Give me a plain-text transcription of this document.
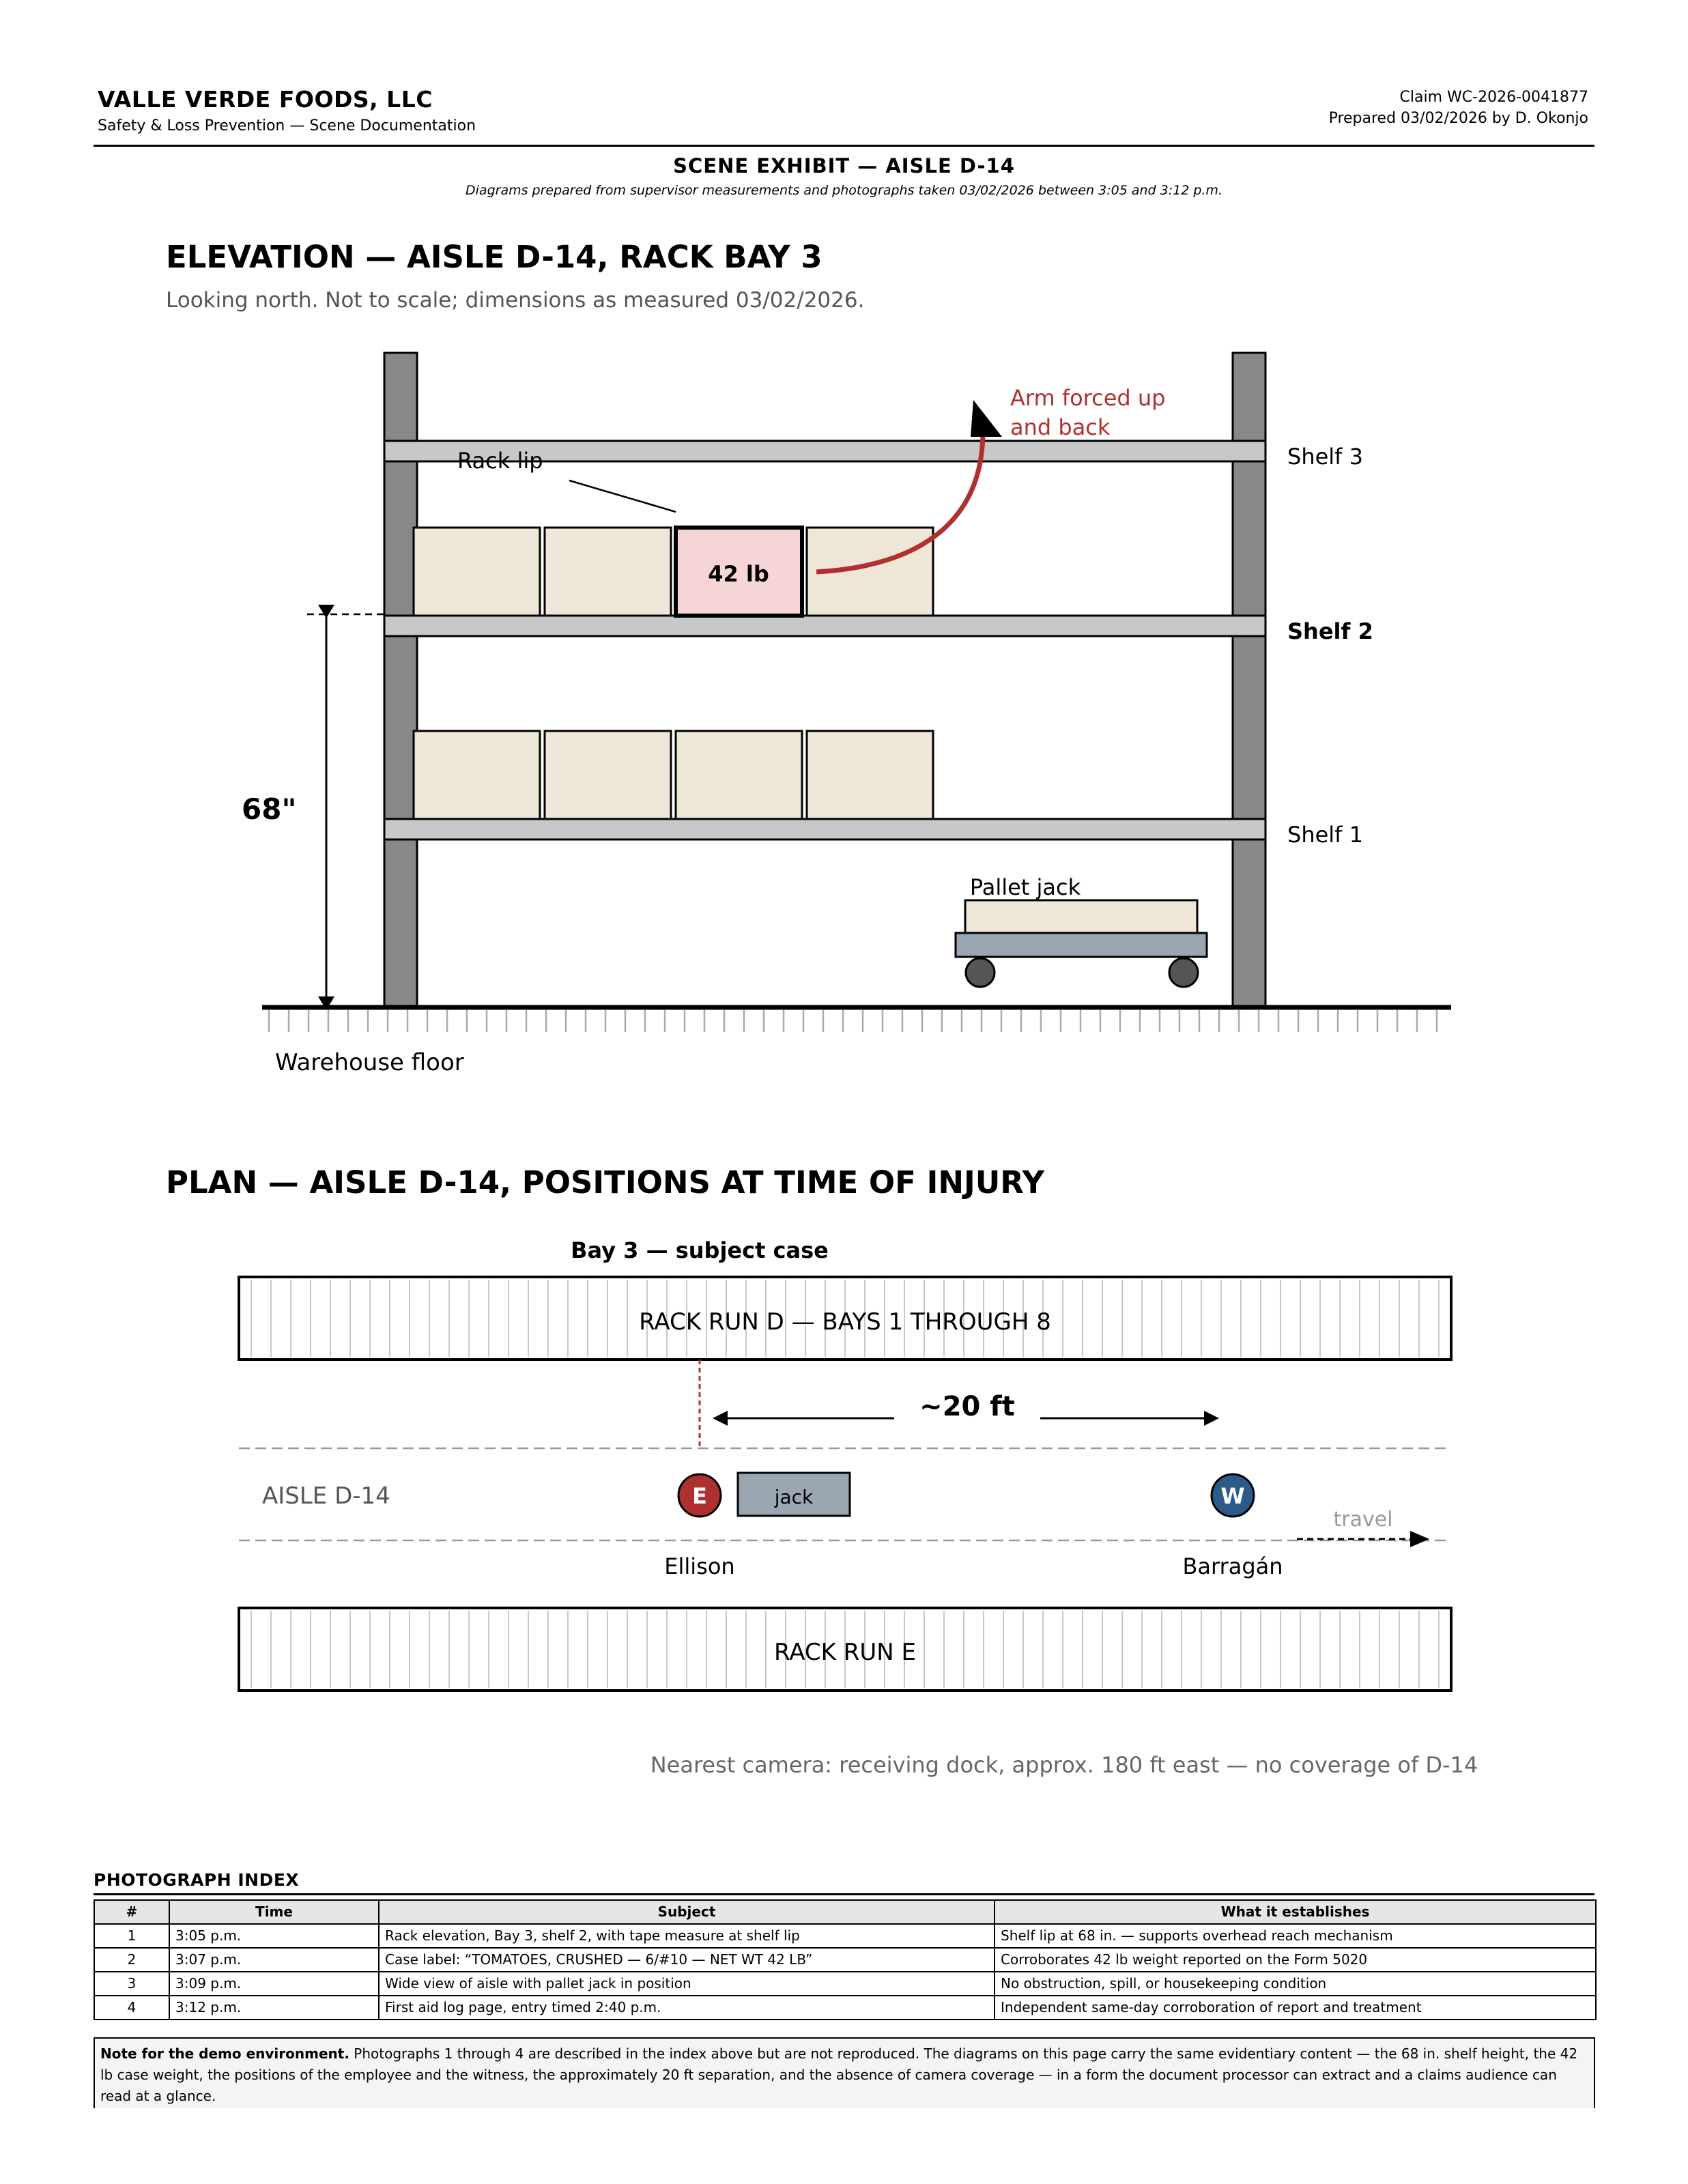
VALLE VERDE FOODS, LLC
Safety & Loss Prevention — Scene Documentation
Claim WC-2026-0041877
Prepared 03/02/2026 by D. Okonjo
SCENE EXHIBIT — AISLE D-14
Diagrams prepared from supervisor measurements and photographs taken 03/02/2026 between 3:05 and 3:12 p.m.
ELEVATION — AISLE D-14, RACK BAY 3
Looking north. Not to scale; dimensions as measured 03/02/2026.
Shelf 3
Shelf 2
Shelf 1
42 lb
Rack lip
Arm forced up
and back
68"
Pallet jack
Warehouse floor
PLAN — AISLE D-14, POSITIONS AT TIME OF INJURY
Bay 3 — subject case
RACK RUN D — BAYS 1 THROUGH 8
~20 ft
AISLE D-14	E
Ellison
jack	W
Barragán
travel
RACK RUN E
Nearest camera: receiving dock, approx. 180 ft east — no coverage of D-14
PHOTOGRAPH INDEX
#	Time	Subject	What it establishes
1	3:05 p.m.	Rack elevation, Bay 3, shelf 2, with tape measure at shelf lip	Shelf lip at 68 in. — supports overhead reach mechanism
2	3:07 p.m.	Case label: “TOMATOES, CRUSHED — 6/#10 — NET WT 42 LB”	Corroborates 42 lb weight reported on the Form 5020
3	3:09 p.m.	Wide view of aisle with pallet jack in position	No obstruction, spill, or housekeeping condition
4	3:12 p.m.	First aid log page, entry timed 2:40 p.m.	Independent same-day corroboration of report and treatment
Note for the demo environment. Photographs 1 through 4 are described in the index above but are not reproduced. The diagrams on this page carry the same evidentiary content — the 68 in. shelf height, the 42 lb case weight, the positions of the employee and the witness, the approximately 20 ft separation, and the absence of camera coverage — in a form the document processor can extract and a claims audience can read at a glance.
